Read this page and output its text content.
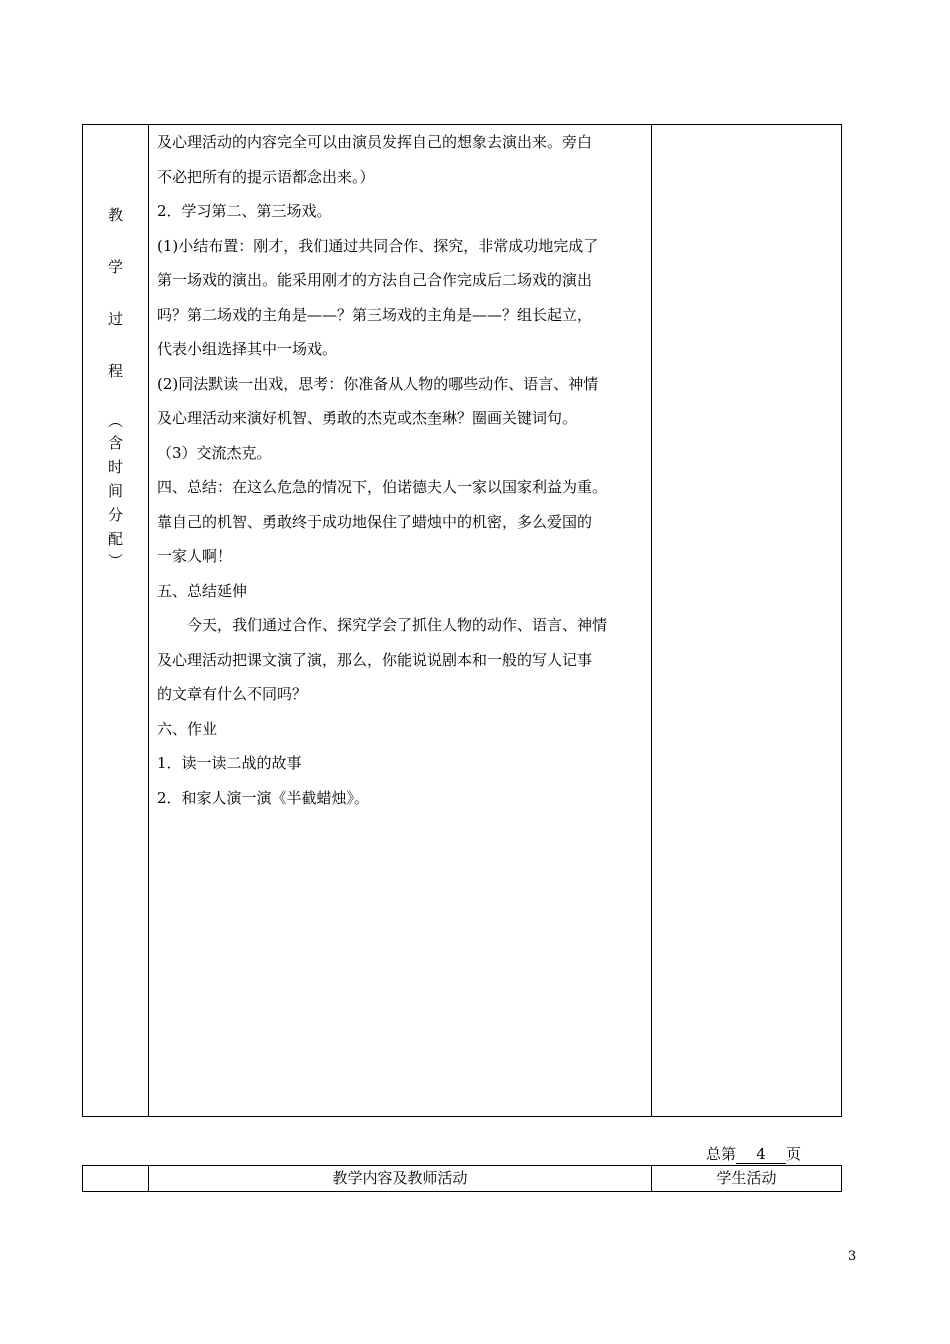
教
学
过
程
︵
含
时
间
分
配
︶

及心理活动的内容完全可以由演员发挥自己的想象去演出来。旁白

不必把所有的提示语都念出来。）

2．学习第二、第三场戏。

(1)小结布置：刚才，我们通过共同合作、探究，非常成功地完成了

第一场戏的演出。能采用刚才的方法自己合作完成后二场戏的演出

吗？第二场戏的主角是——？第三场戏的主角是——？组长起立，

代表小组选择其中一场戏。

(2)同法默读一出戏，思考：你准备从人物的哪些动作、语言、神情

及心理活动来演好机智、勇敢的杰克或杰奎琳？圈画关键词句。

（3）交流杰克。

四、总结：在这么危急的情况下，伯诺德夫人一家以国家利益为重。

靠自己的机智、勇敢终于成功地保住了蜡烛中的机密，多么爱国的

一家人啊！

五、总结延伸

今天，我们通过合作、探究学会了抓住人物的动作、语言、神情

及心理活动把课文演了演，那么，你能说说剧本和一般的写人记事

的文章有什么不同吗？

六、作业

1．读一读二战的故事

2．和家人演一演《半截蜡烛》。

总第 4 页
教学内容及教师活动	学生活动
3
